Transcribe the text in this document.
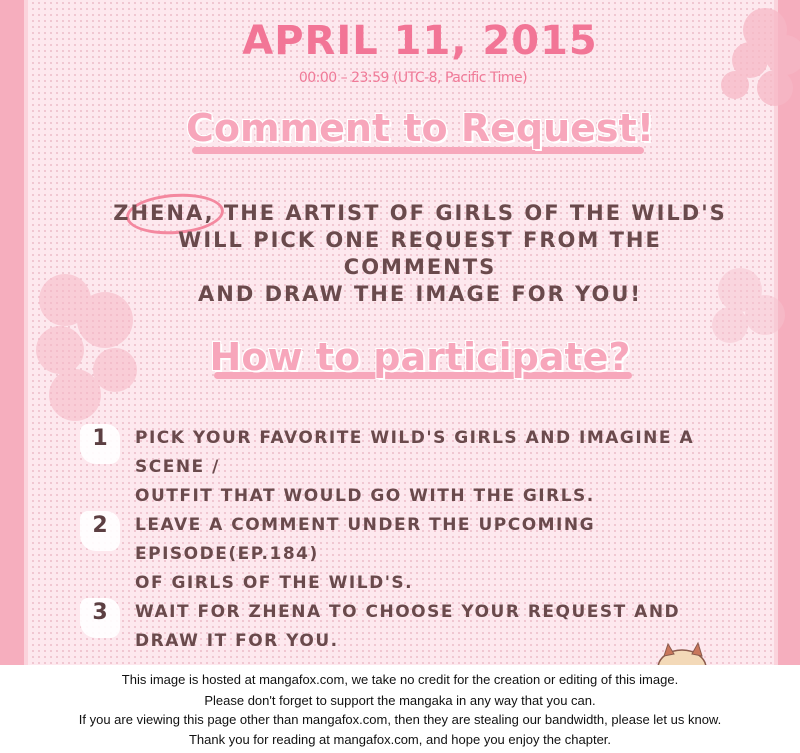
APRIL 11, 2015
00:00 – 23:59 (UTC-8, Pacific Time)
Comment to Request!
ZHENA, THE ARTIST OF GIRLS OF THE WILD'S
WILL PICK ONE REQUEST FROM THE COMMENTS
AND DRAW THE IMAGE FOR YOU!
How to participate?
1	PICK YOUR FAVORITE WILD'S GIRLS AND IMAGINE A SCENE /
OUTFIT THAT WOULD GO WITH THE GIRLS.
2	LEAVE A COMMENT UNDER THE UPCOMING EPISODE(EP.184)
OF GIRLS OF THE WILD'S.
3	WAIT FOR ZHENA TO CHOOSE YOUR REQUEST AND
DRAW IT FOR YOU.

This image is hosted at mangafox.com, we take no credit for the creation or editing of this image.

Please don't forget to support the mangaka in any way that you can.

If you are viewing this page other than mangafox.com, then they are stealing our bandwidth, please let us know.

Thank you for reading at mangafox.com, and hope you enjoy the chapter.
